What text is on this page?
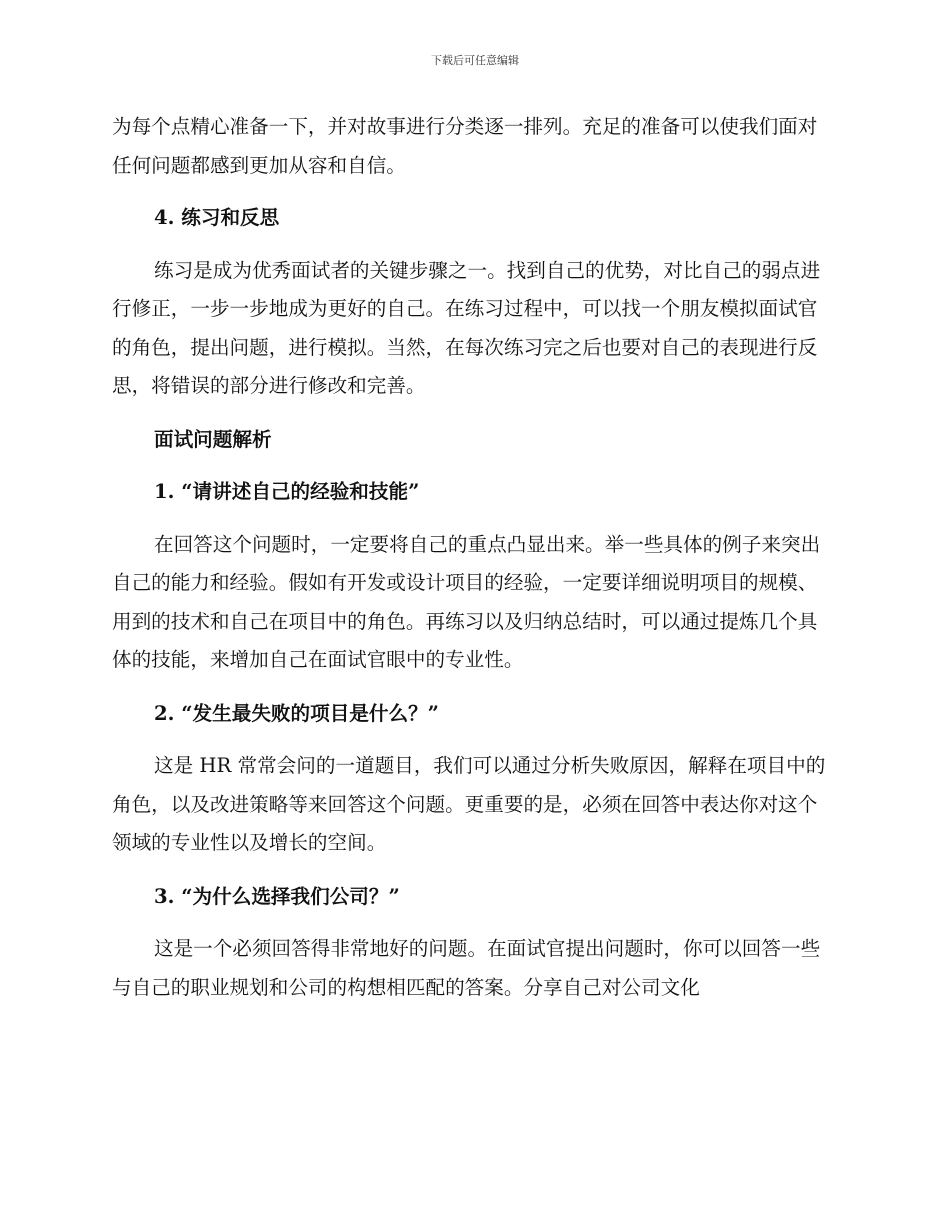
下载后可任意编辑

为每个点精心准备一下，并对故事进行分类逐一排列。充足的准备可以使我们面对任何问题都感到更加从容和自信。

4. 练习和反思

练习是成为优秀面试者的关键步骤之一。找到自己的优势，对比自己的弱点进行修正，一步一步地成为更好的自己。在练习过程中，可以找一个朋友模拟面试官的角色，提出问题，进行模拟。当然，在每次练习完之后也要对自己的表现进行反思，将错误的部分进行修改和完善。

面试问题解析

1. “请讲述自己的经验和技能”

在回答这个问题时，一定要将自己的重点凸显出来。举一些具体的例子来突出自己的能力和经验。假如有开发或设计项目的经验，一定要详细说明项目的规模、用到的技术和自己在项目中的角色。再练习以及归纳总结时，可以通过提炼几个具体的技能，来增加自己在面试官眼中的专业性。

2. “发生最失败的项目是什么？”

这是 HR 常常会问的一道题目，我们可以通过分析失败原因，解释在项目中的角色，以及改进策略等来回答这个问题。更重要的是，必须在回答中表达你对这个领域的专业性以及增长的空间。

3. “为什么选择我们公司？”

这是一个必须回答得非常地好的问题。在面试官提出问题时，你可以回答一些与自己的职业规划和公司的构想相匹配的答案。分享自己对公司文化
